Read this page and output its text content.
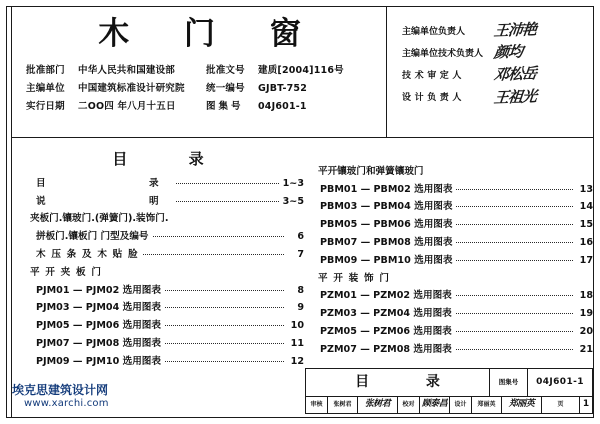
木 门 窗
批准部门	中华人民共和国建设部	批准文号	建质[2004]116号
主编单位	中国建筑标准设计研究院	统一编号	GJBT-752
实行日期	二OO四 年八月十五日	图集号	04J601-1
主编单位负责人	王沛艳
主编单位技术负责人	颜均
技术审定人	邓松岳
设计负责人	王祖光
目 录
目　　　　录	1~3
说　　　　明	3~5
夹板门.镶玻门.(弹簧门).装饰门.
拼板门.镶板门 门型及编号	6
木 压 条 及 木 贴 脸	7
平 开 夹 板 门
PJM01 — PJM02 选用图表	8
PJM03 — PJM04 选用图表	9
PJM05 — PJM06 选用图表	10
PJM07 — PJM08 选用图表	11
PJM09 — PJM10 选用图表	12
平开镶玻门和弹簧镶玻门
PBM01 — PBM02 选用图表	13
PBM03 — PBM04 选用图表	14
PBM05 — PBM06 选用图表	15
PBM07 — PBM08 选用图表	16
PBM09 — PBM10 选用图表	17
平 开 装 饰 门
PZM01 — PZM02 选用图表	18
PZM03 — PZM04 选用图表	19
PZM05 — PZM06 选用图表	20
PZM07 — PZM08 选用图表	21
目 录	图集号	04J601-1
审核	张树君	张树君	校对 顾泰昌	设计	郑丽英	郑丽英	页	1
埃克思建筑设计网
www.xarchi.com
